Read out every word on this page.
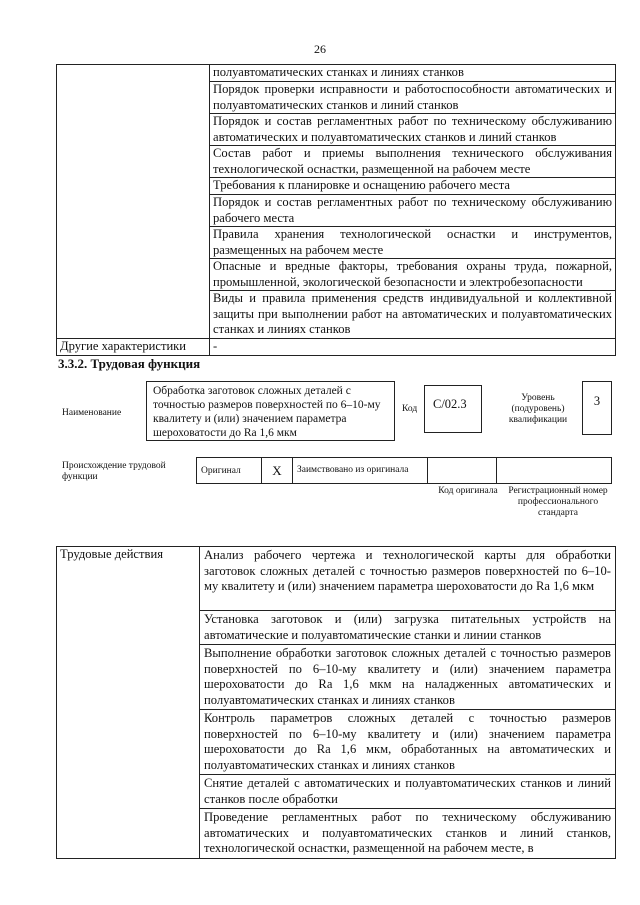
26
	полуавтоматических станках и линиях станков
	Порядок проверки исправности и работоспособности автоматических и полуавтоматических станков и линий станков
	Порядок и состав регламентных работ по техническому обслуживанию автоматических и полуавтоматических станков и линий станков
	Состав работ и приемы выполнения технического обслуживания технологической оснастки, размещенной на рабочем месте
	Требования к планировке и оснащению рабочего места
	Порядок и состав регламентных работ по техническому обслуживанию рабочего места
	Правила хранения технологической оснастки и инструментов, размещенных на рабочем месте
	Опасные и вредные факторы, требования охраны труда, пожарной, промышленной, экологической безопасности и электробезопасности
	Виды и правила применения средств индивидуальной и коллективной защиты при выполнении работ на автоматических и полуавтоматических станках и линиях станков
Другие характеристики	-
3.3.2. Трудовая функция
Наименование
Обработка заготовок сложных деталей с точностью размеров поверхностей по 6–10-му квалитету и (или) значением параметра шероховатости до Ra 1,6 мкм
Код	C/02.3	Уровень (подуровень) квалификации
3
Происхождение трудовой функции
Оригинал	X	Заимствовано из оригинала		
Код оригинала	Регистрационный номер профессионального стандарта
Трудовые действия	Анализ рабочего чертежа и технологической карты для обработки заготовок сложных деталей с точностью размеров поверхностей по 6–10-му квалитету и (или) значением параметра шероховатости до Ra 1,6 мкм
Установка заготовок и (или) загрузка питательных устройств на автоматические и полуавтоматические станки и линии станков
Выполнение обработки заготовок сложных деталей с точностью размеров поверхностей по 6–10-му квалитету и (или) значением параметра шероховатости до Ra 1,6 мкм на наладженных автоматических и полуавтоматических станках и линиях станков
Контроль параметров сложных деталей с точностью размеров поверхностей по 6–10-му квалитету и (или) значением параметра шероховатости до Ra 1,6 мкм, обработанных на автоматических и полуавтоматических станках и линиях станков
Снятие деталей с автоматических и полуавтоматических станков и линий станков после обработки
Проведение регламентных работ по техническому обслуживанию автоматических и полуавтоматических станков и линий станков, технологической оснастки, размещенной на рабочем месте, в
